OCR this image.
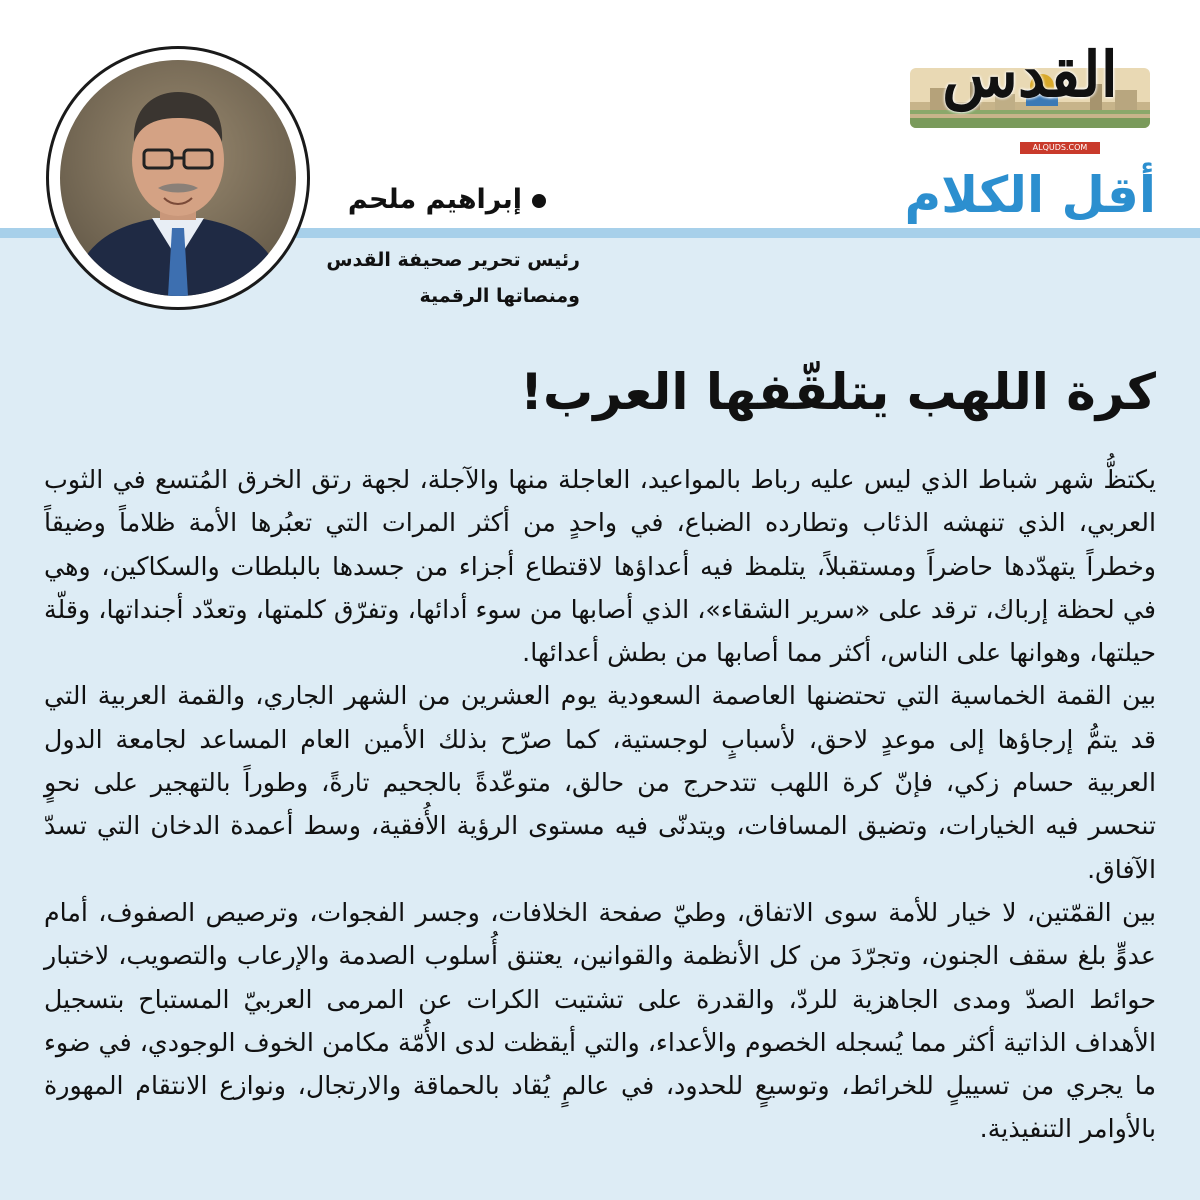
القدس
ALQUDS.COM
أقل الكلام
إبراهيم ملحم
رئيس تحرير صحيفة القدس
ومنصاتها الرقمية
كرة اللهب يتلقّفها العرب!

يكتظُّ شهر شباط الذي ليس عليه رباط بالمواعيد، العاجلة منها والآجلة، لجهة رتق الخرق المُتسع في الثوب العربي، الذي تنهشه الذئاب وتطارده الضباع، في واحدٍ من أكثر المرات التي تعبُرها الأمة ظلاماً وضيقاً وخطراً يتهدّدها حاضراً ومستقبلاً، يتلمظ فيه أعداؤها لاقتطاع أجزاء من جسدها بالبلطات والسكاكين، وهي في لحظة إرباك، ترقد على «سرير الشقاء»، الذي أصابها من سوء أدائها، وتفرّق كلمتها، وتعدّد أجنداتها، وقلّة حيلتها، وهوانها على الناس، أكثر مما أصابها من بطش أعدائها.

بين القمة الخماسية التي تحتضنها العاصمة السعودية يوم العشرين من الشهر الجاري، والقمة العربية التي قد يتمُّ إرجاؤها إلى موعدٍ لاحق، لأسبابٍ لوجستية، كما صرّح بذلك الأمين العام المساعد لجامعة الدول العربية حسام زكي، فإنّ كرة اللهب تتدحرج من حالق، متوعّدةً بالجحيم تارةً، وطوراً بالتهجير على نحوٍ تنحسر فيه الخيارات، وتضيق المسافات، ويتدنّى فيه مستوى الرؤية الأُفقية، وسط أعمدة الدخان التي تسدّ الآفاق.

بين القمّتين، لا خيار للأمة سوى الاتفاق، وطيّ صفحة الخلافات، وجسر الفجوات، وترصيص الصفوف، أمام عدوٍّ بلغ سقف الجنون، وتجرّدَ من كل الأنظمة والقوانين، يعتنق أُسلوب الصدمة والإرعاب والتصويب، لاختبار حوائط الصدّ ومدى الجاهزية للردّ، والقدرة على تشتيت الكرات عن المرمى العربيّ المستباح بتسجيل الأهداف الذاتية أكثر مما يُسجله الخصوم والأعداء، والتي أيقظت لدى الأُمّة مكامن الخوف الوجودي، في ضوء ما يجري من تسييلٍ للخرائط، وتوسيعٍ للحدود، في عالمٍ يُقاد بالحماقة والارتجال، ونوازع الانتقام المهورة بالأوامر التنفيذية.
